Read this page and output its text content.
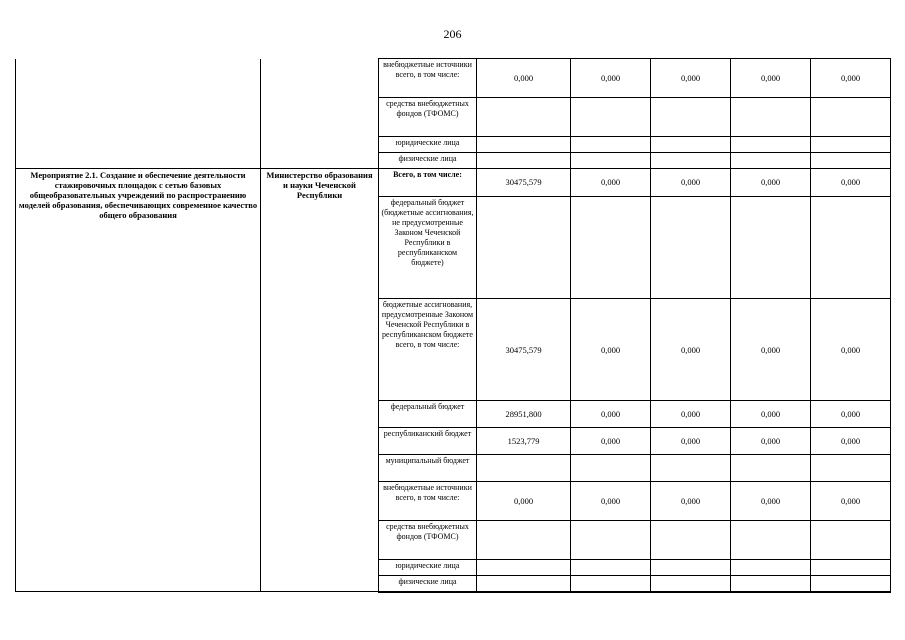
206
		внебюджетные источники всего, в том числе:	0,000	0,000	0,000	0,000	0,000
		средства внебюджетных фондов (ТФОМС)					
		юридические лица					
		физические лица					
Мероприятие 2.1. Создание и обеспечение деятельности стажировочных площадок с сетью базовых общеобразовательных учреждений по распространению моделей образования, обеспечивающих современное качество общего образования	Министерство образования и науки Чеченской Республики	Всего, в том числе:	30475,579	0,000	0,000	0,000	0,000
		федеральный бюджет (бюджетные ассигнования, не предусмотренные Законом Чеченской Республики в республиканском бюджете)					
		бюджетные ассигнования, предусмотренные Законом Чеченской Республики в республиканском бюджете всего, в том числе:	30475,579	0,000	0,000	0,000	0,000
		федеральный бюджет	28951,800	0,000	0,000	0,000	0,000
		республиканский бюджет	1523,779	0,000	0,000	0,000	0,000
		муниципальный бюджет					
		внебюджетные источники всего, в том числе:	0,000	0,000	0,000	0,000	0,000
		средства внебюджетных фондов (ТФОМС)					
		юридические лица					
		физические лица					
